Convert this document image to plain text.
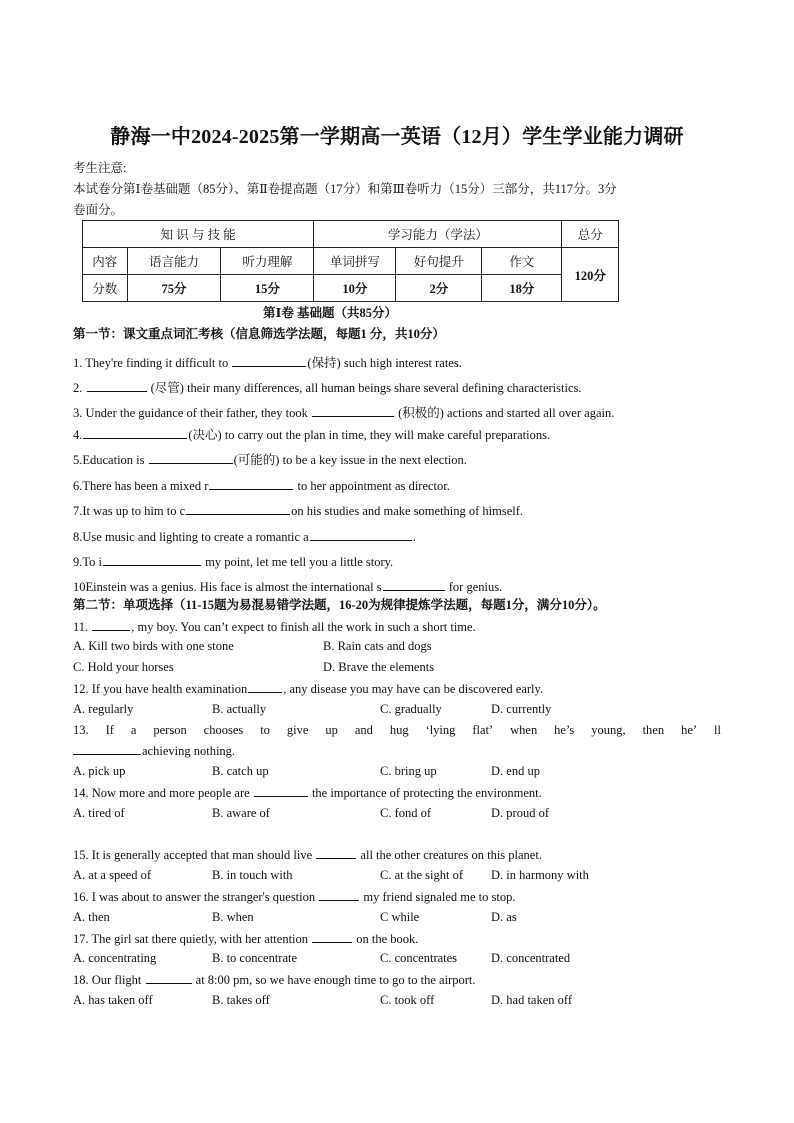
静海一中2024-2025第一学期高一英语（12月）学生学业能力调研
考生注意:
本试卷分第Ⅰ卷基础题（85分）、第Ⅱ卷提高题（17分）和第Ⅲ卷听力（15分）三部分，共117分。3分
卷面分。
知 识 与 技 能			学习能力（学法）			总分
内容	语言能力	听力理解	单词拼写	好句提升	作文	120分
分数	75分	15分	10分	2分	18分	
第Ⅰ卷 基础题（共85分）
第一节：课文重点词汇考核（信息筛选学法题，每题1 分，共10分）
1. They're finding it difficult to	(保持) such high interest rates.
2.	(尽管) their many differences, all human beings share several defining characteristics.
3. Under the guidance of their father, they took	(积极的) actions and started all over again.
4.	(决心) to carry out the plan in time, they will make careful preparations.
5.Education is	(可能的) to be a key issue in the next election.
6.There has been a mixed r	to her appointment as director.
7.It was up to him to c	on his studies and make something of himself.
8.Use music and lighting to create a romantic a	.
9.To i	my point, let me tell you a little story.
10Einstein was a genius. His face is almost the international s	for genius.
第二节：单项选择（11-15题为易混易错学法题，16-20为规律提炼学法题，每题1分，满分10分）。
11.	, my boy. You can’t expect to finish all the work in such a short time.
A. Kill two birds with one stone	B. Rain cats and dogs
C. Hold your horses	D. Brave the elements
12. If you have health examination	, any disease you may have can be discovered early.
A. regularly	B. actually	C. gradually	D. currently
13. If a person chooses to give up and hug ‘lying flat’ when he’s young, then he’ ll
achieving nothing.
A. pick up	B. catch up	C. bring up	D. end up
14. Now more and more people are	the importance of protecting the environment.
A. tired of	B. aware of	C. fond of	D. proud of
15. It is generally accepted that man should live	all the other creatures on this planet.
A. at a speed of	B. in touch with	C. at the sight of D. in harmony with
16. I was about to answer the stranger's question	my friend signaled me to stop.
A. then	B. when	C while	D. as
17. The girl sat there quietly, with her attention	on the book.
A. concentrating	B. to concentrate	C. concentrates	D. concentrated
18. Our flight	at 8:00 pm, so we have enough time to go to the airport.
A. has taken off	B. takes off	C. took off	D. had taken off
